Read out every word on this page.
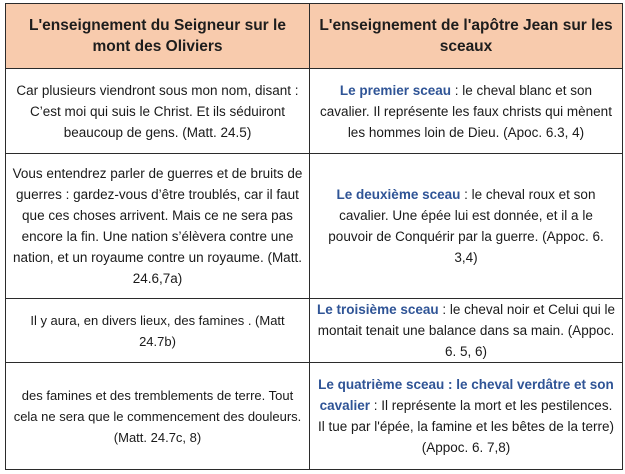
L'enseignement du Seigneur sur le mont des Oliviers	L'enseignement de l'apôtre Jean sur les sceaux
Car plusieurs viendront sous mon nom, disant : C’est moi qui suis le Christ. Et ils séduiront beaucoup de gens. (Matt. 24.5)	Le premier sceau : le cheval blanc et son cavalier. Il représente les faux christs qui mènent les hommes loin de Dieu. (Apoc. 6.3, 4)
Vous entendrez parler de guerres et de bruits de guerres : gardez-vous d’être troublés, car il faut que ces choses arrivent. Mais ce ne sera pas encore la fin. Une nation s’élèvera contre une nation, et un royaume contre un royaume. (Matt. 24.6,7a)	Le deuxième sceau : le cheval roux et son cavalier. Une épée lui est donnée, et il a le pouvoir de Conquérir par la guerre. (Appoc. 6. 3,4)
Il y aura, en divers lieux, des famines . (Matt 24.7b)	Le troisième sceau : le cheval noir et Celui qui le montait tenait une balance dans sa main. (Appoc. 6. 5, 6)
des famines et des tremblements de terre. Tout cela ne sera que le commencement des douleurs. (Matt. 24.7c, 8)	Le quatrième sceau : le cheval verdâtre et son cavalier : Il représente la mort et les pestilences. Il tue par l'épée, la famine et les bêtes de la terre) (Appoc. 6. 7,8)
